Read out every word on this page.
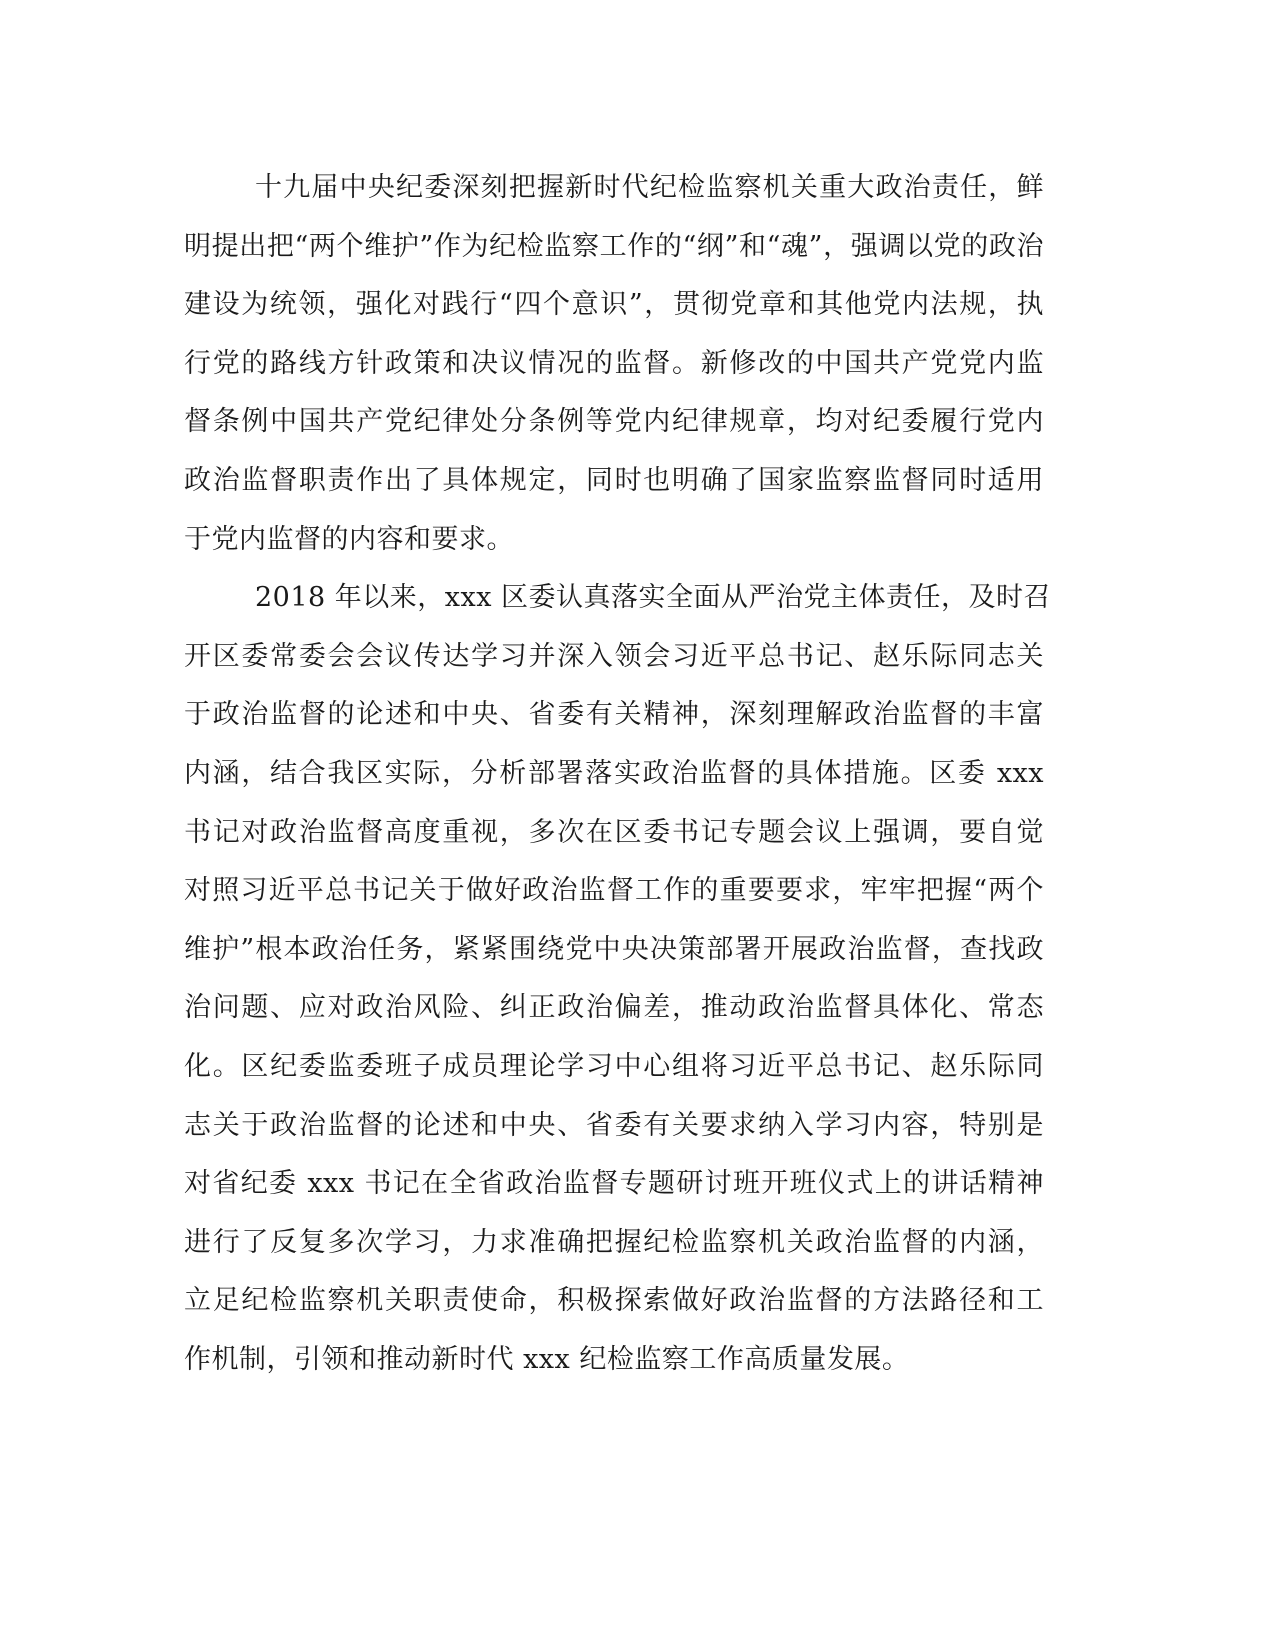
十九届中央纪委深刻把握新时代纪检监察机关重大政治责任，鲜
明提出把“两个维护”作为纪检监察工作的“纲”和“魂”，强调以党的政治
建设为统领，强化对践行“四个意识”，贯彻党章和其他党内法规，执
行党的路线方针政策和决议情况的监督。新修改的中国共产党党内监
督条例中国共产党纪律处分条例等党内纪律规章，均对纪委履行党内
政治监督职责作出了具体规定，同时也明确了国家监察监督同时适用
于党内监督的内容和要求。
2018 年以来，xxx 区委认真落实全面从严治党主体责任，及时召
开区委常委会会议传达学习并深入领会习近平总书记、赵乐际同志关
于政治监督的论述和中央、省委有关精神，深刻理解政治监督的丰富
内涵，结合我区实际，分析部署落实政治监督的具体措施。区委 xxx
书记对政治监督高度重视，多次在区委书记专题会议上强调，要自觉
对照习近平总书记关于做好政治监督工作的重要要求，牢牢把握“两个
维护”根本政治任务，紧紧围绕党中央决策部署开展政治监督，查找政
治问题、应对政治风险、纠正政治偏差，推动政治监督具体化、常态
化。区纪委监委班子成员理论学习中心组将习近平总书记、赵乐际同
志关于政治监督的论述和中央、省委有关要求纳入学习内容，特别是
对省纪委 xxx 书记在全省政治监督专题研讨班开班仪式上的讲话精神
进行了反复多次学习，力求准确把握纪检监察机关政治监督的内涵，
立足纪检监察机关职责使命，积极探索做好政治监督的方法路径和工
作机制，引领和推动新时代 xxx 纪检监察工作高质量发展。
